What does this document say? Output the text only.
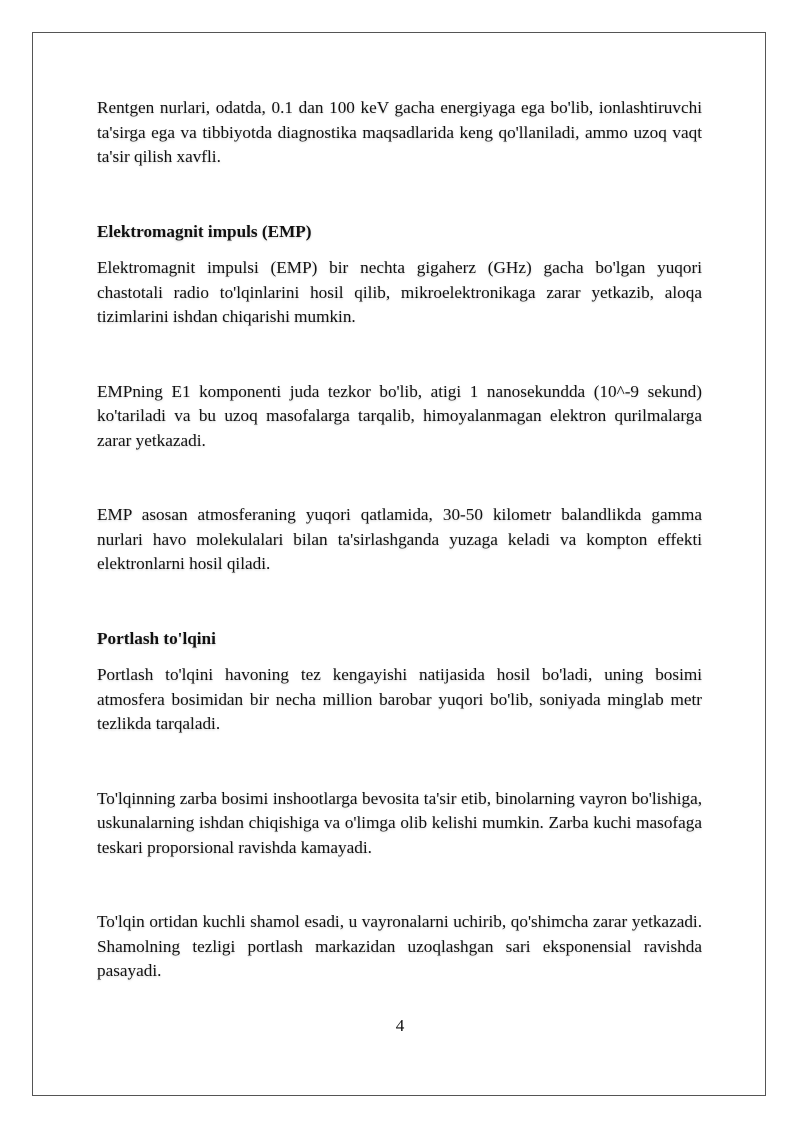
Rentgen nurlari, odatda, 0.1 dan 100 keV gacha energiyaga ega bo'lib, ionlashtiruvchi ta'sirga ega va tibbiyotda diagnostika maqsadlarida keng qo'llaniladi, ammo uzoq vaqt ta'sir qilish xavfli.

Elektromagnit impuls (EMP)

Elektromagnit impulsi (EMP) bir nechta gigaherz (GHz) gacha bo'lgan yuqori chastotali radio to'lqinlarini hosil qilib, mikroelektronikaga zarar yetkazib, aloqa tizimlarini ishdan chiqarishi mumkin.

EMPning E1 komponenti juda tezkor bo'lib, atigi 1 nanosekundda (10^-9 sekund) ko'tariladi va bu uzoq masofalarga tarqalib, himoyalanmagan elektron qurilmalarga zarar yetkazadi.

EMP asosan atmosferaning yuqori qatlamida, 30-50 kilometr balandlikda gamma nurlari havo molekulalari bilan ta'sirlashganda yuzaga keladi va kompton effekti elektronlarni hosil qiladi.

Portlash to'lqini

Portlash to'lqini havoning tez kengayishi natijasida hosil bo'ladi, uning bosimi atmosfera bosimidan bir necha million barobar yuqori bo'lib, soniyada minglab metr tezlikda tarqaladi.

To'lqinning zarba bosimi inshootlarga bevosita ta'sir etib, binolarning vayron bo'lishiga, uskunalarning ishdan chiqishiga va o'limga olib kelishi mumkin. Zarba kuchi masofaga teskari proporsional ravishda kamayadi.

To'lqin ortidan kuchli shamol esadi, u vayronalarni uchirib, qo'shimcha zarar yetkazadi. Shamolning tezligi portlash markazidan uzoqlashgan sari eksponensial ravishda pasayadi.

4
